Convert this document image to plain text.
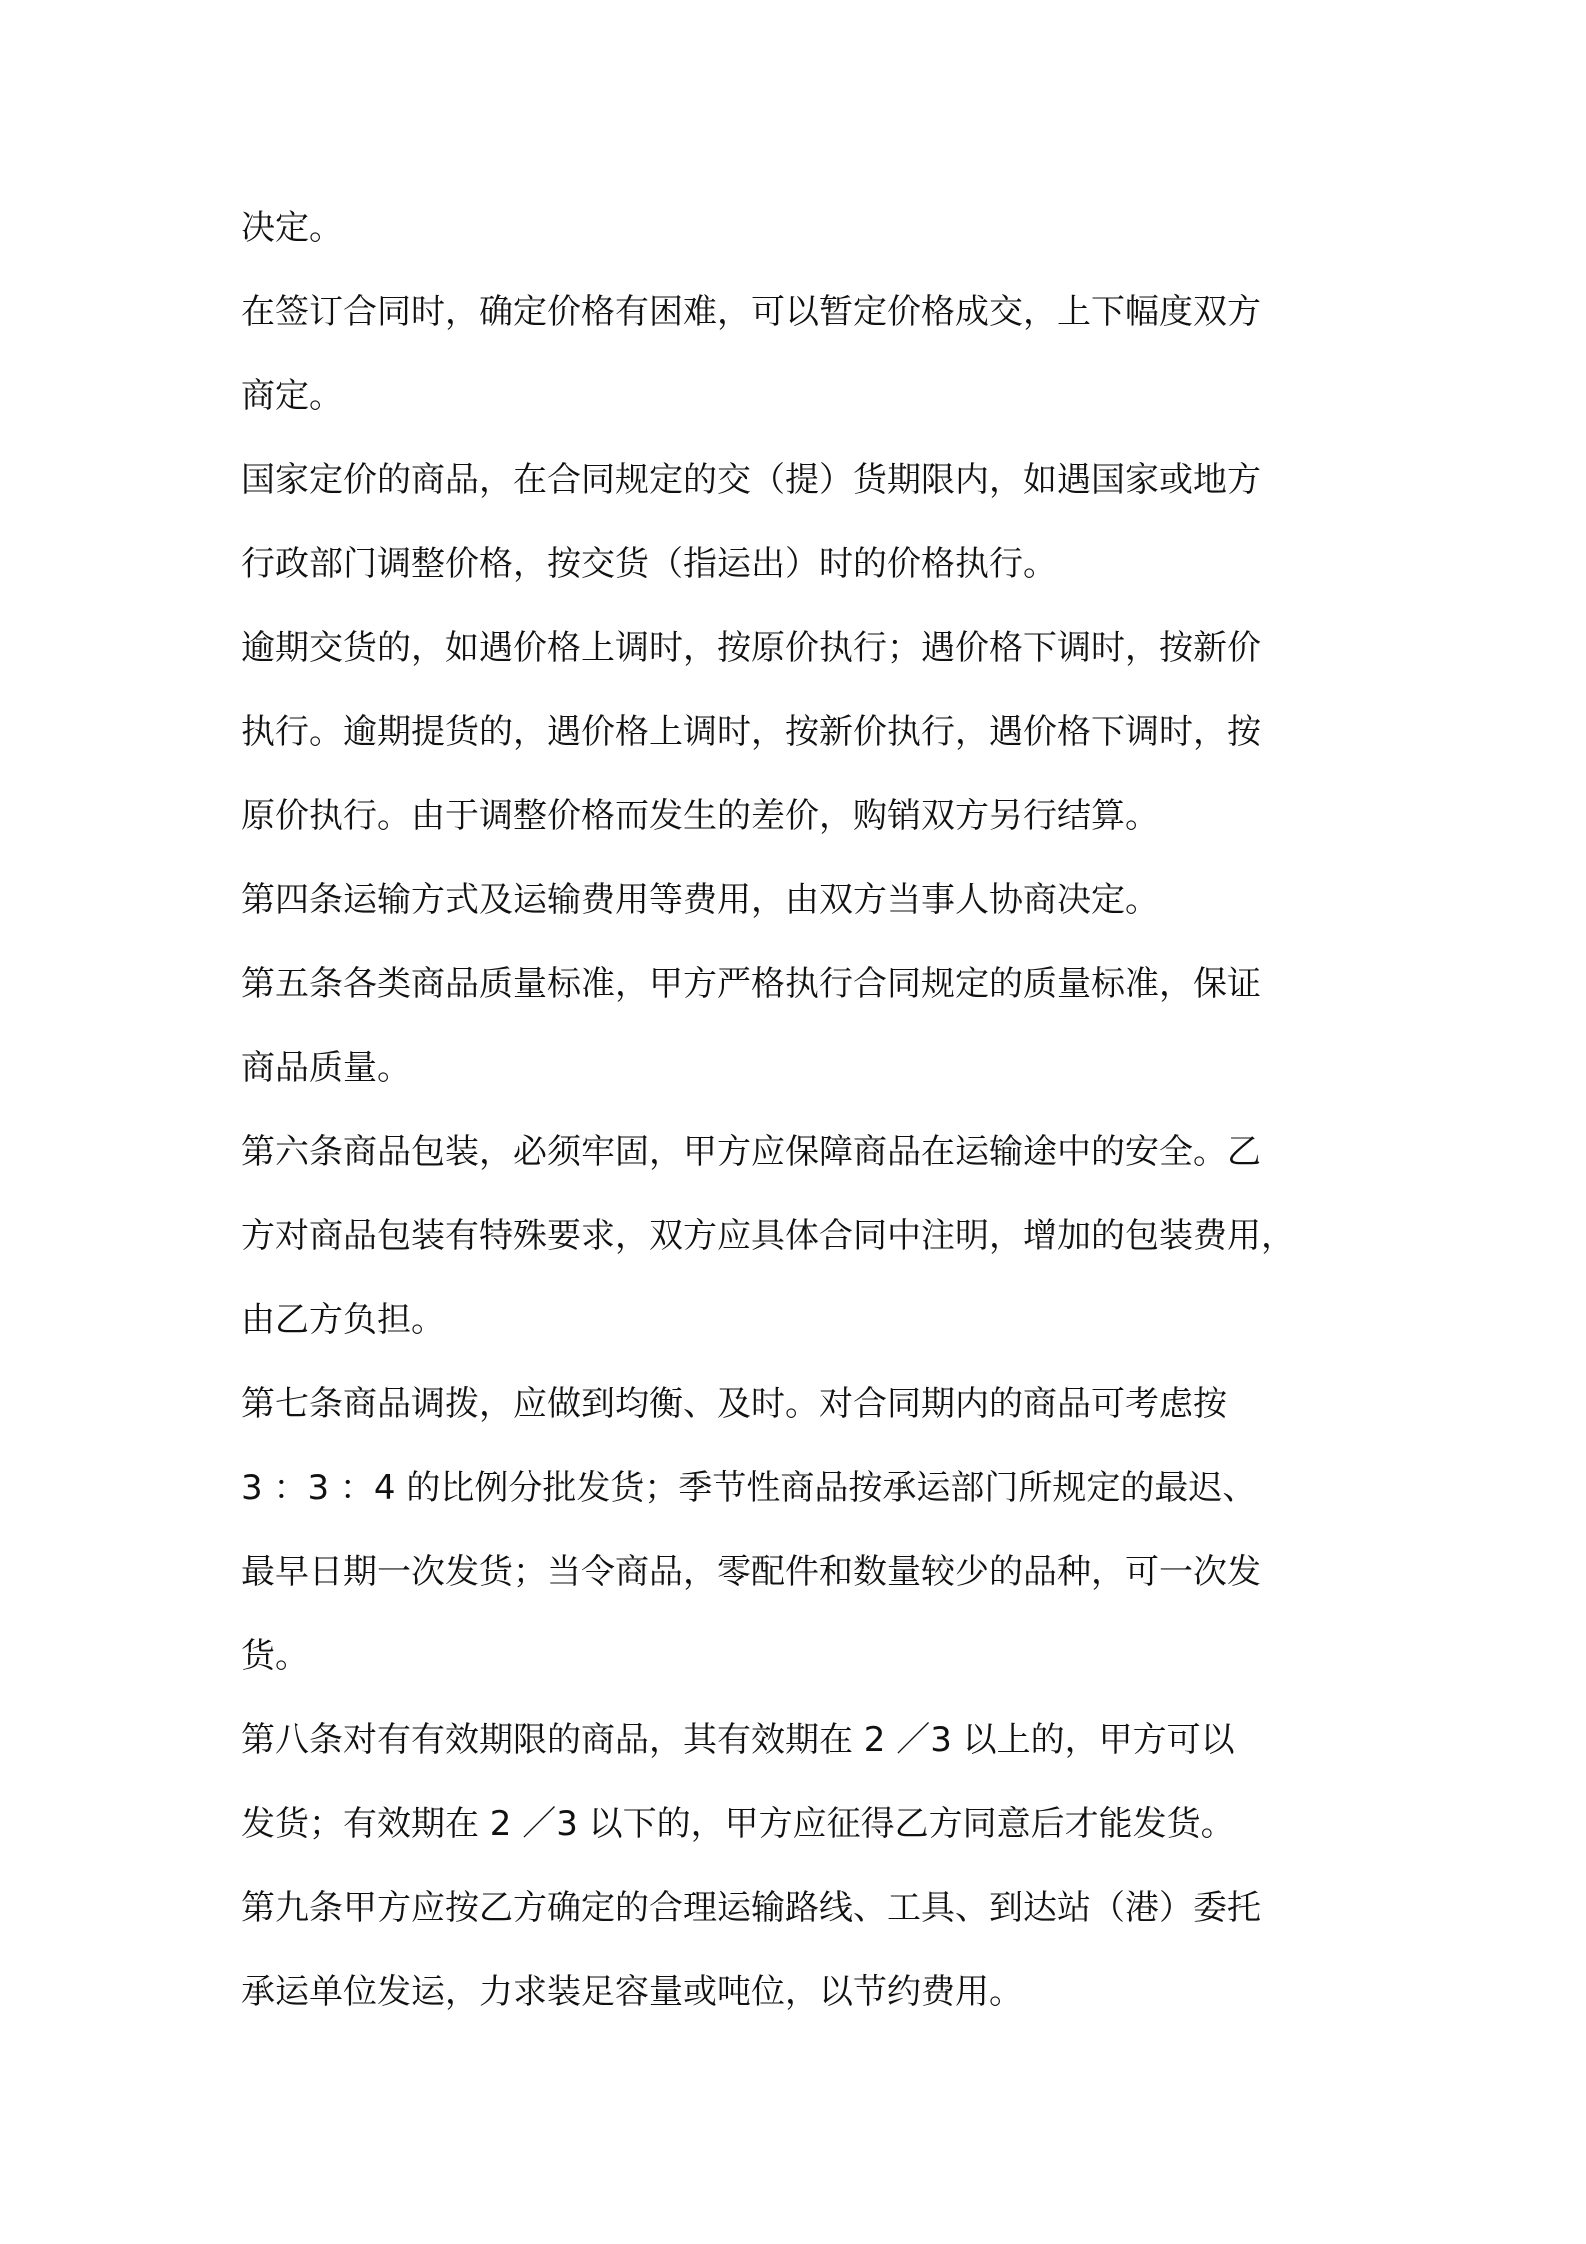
决定。
在签订合同时，确定价格有困难，可以暂定价格成交，上下幅度双方
商定。
国家定价的商品，在合同规定的交（提）货期限内，如遇国家或地方
行政部门调整价格，按交货（指运出）时的价格执行。
逾期交货的，如遇价格上调时，按原价执行；遇价格下调时，按新价
执行。逾期提货的，遇价格上调时，按新价执行，遇价格下调时，按
原价执行。由于调整价格而发生的差价，购销双方另行结算。
第四条运输方式及运输费用等费用，由双方当事人协商决定。
第五条各类商品质量标准，甲方严格执行合同规定的质量标准，保证
商品质量。
第六条商品包装，必须牢固，甲方应保障商品在运输途中的安全。乙
方对商品包装有特殊要求，双方应具体合同中注明，增加的包装费用，
由乙方负担。
第七条商品调拨，应做到均衡、及时。对合同期内的商品可考虑按
3 ：3 ：4 的比例分批发货；季节性商品按承运部门所规定的最迟、
最早日期一次发货；当令商品，零配件和数量较少的品种，可一次发
货。
第八条对有有效期限的商品，其有效期在 2 ／3 以上的，甲方可以
发货；有效期在 2 ／3 以下的，甲方应征得乙方同意后才能发货。
第九条甲方应按乙方确定的合理运输路线、工具、到达站（港）委托
承运单位发运，力求装足容量或吨位，以节约费用。
